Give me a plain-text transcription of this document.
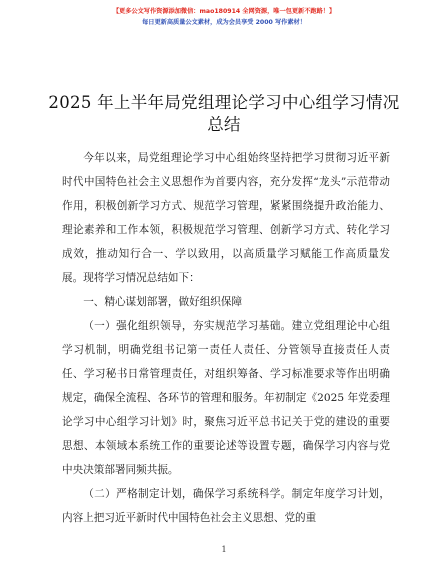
【更多公文写作资源添加微信：mao180914 全网资源，唯一包更新不跑路！】
每日更新高质量公文素材，成为会员享受 2000 写作素材！
2025 年上半年局党组理论学习中心组学习情况
总结

今年以来，局党组理论学习中心组始终坚持把学习贯彻习近平新时代中国特色社会主义思想作为首要内容，充分发挥“龙头”示范带动作用，积极创新学习方式、规范学习管理，紧紧围绕提升政治能力、理论素养和工作本领，积极规范学习管理、创新学习方式、转化学习成效，推动知行合一、学以致用，以高质量学习赋能工作高质量发展。现将学习情况总结如下：

一、精心谋划部署，做好组织保障

（一）强化组织领导，夯实规范学习基础。建立党组理论中心组学习机制，明确党组书记第一责任人责任、分管领导直接责任人责任、学习秘书日常管理责任，对组织筹备、学习标准要求等作出明确规定，确保全流程、各环节的管理和服务。年初制定《2025 年党委理论学习中心组学习计划》时，聚焦习近平总书记关于党的建设的重要思想、本领域本系统工作的重要论述等设置专题，确保学习内容与党中央决策部署同频共振。

（二）严格制定计划，确保学习系统科学。制定年度学习计划，内容上把习近平新时代中国特色社会主义思想、党的重

1
